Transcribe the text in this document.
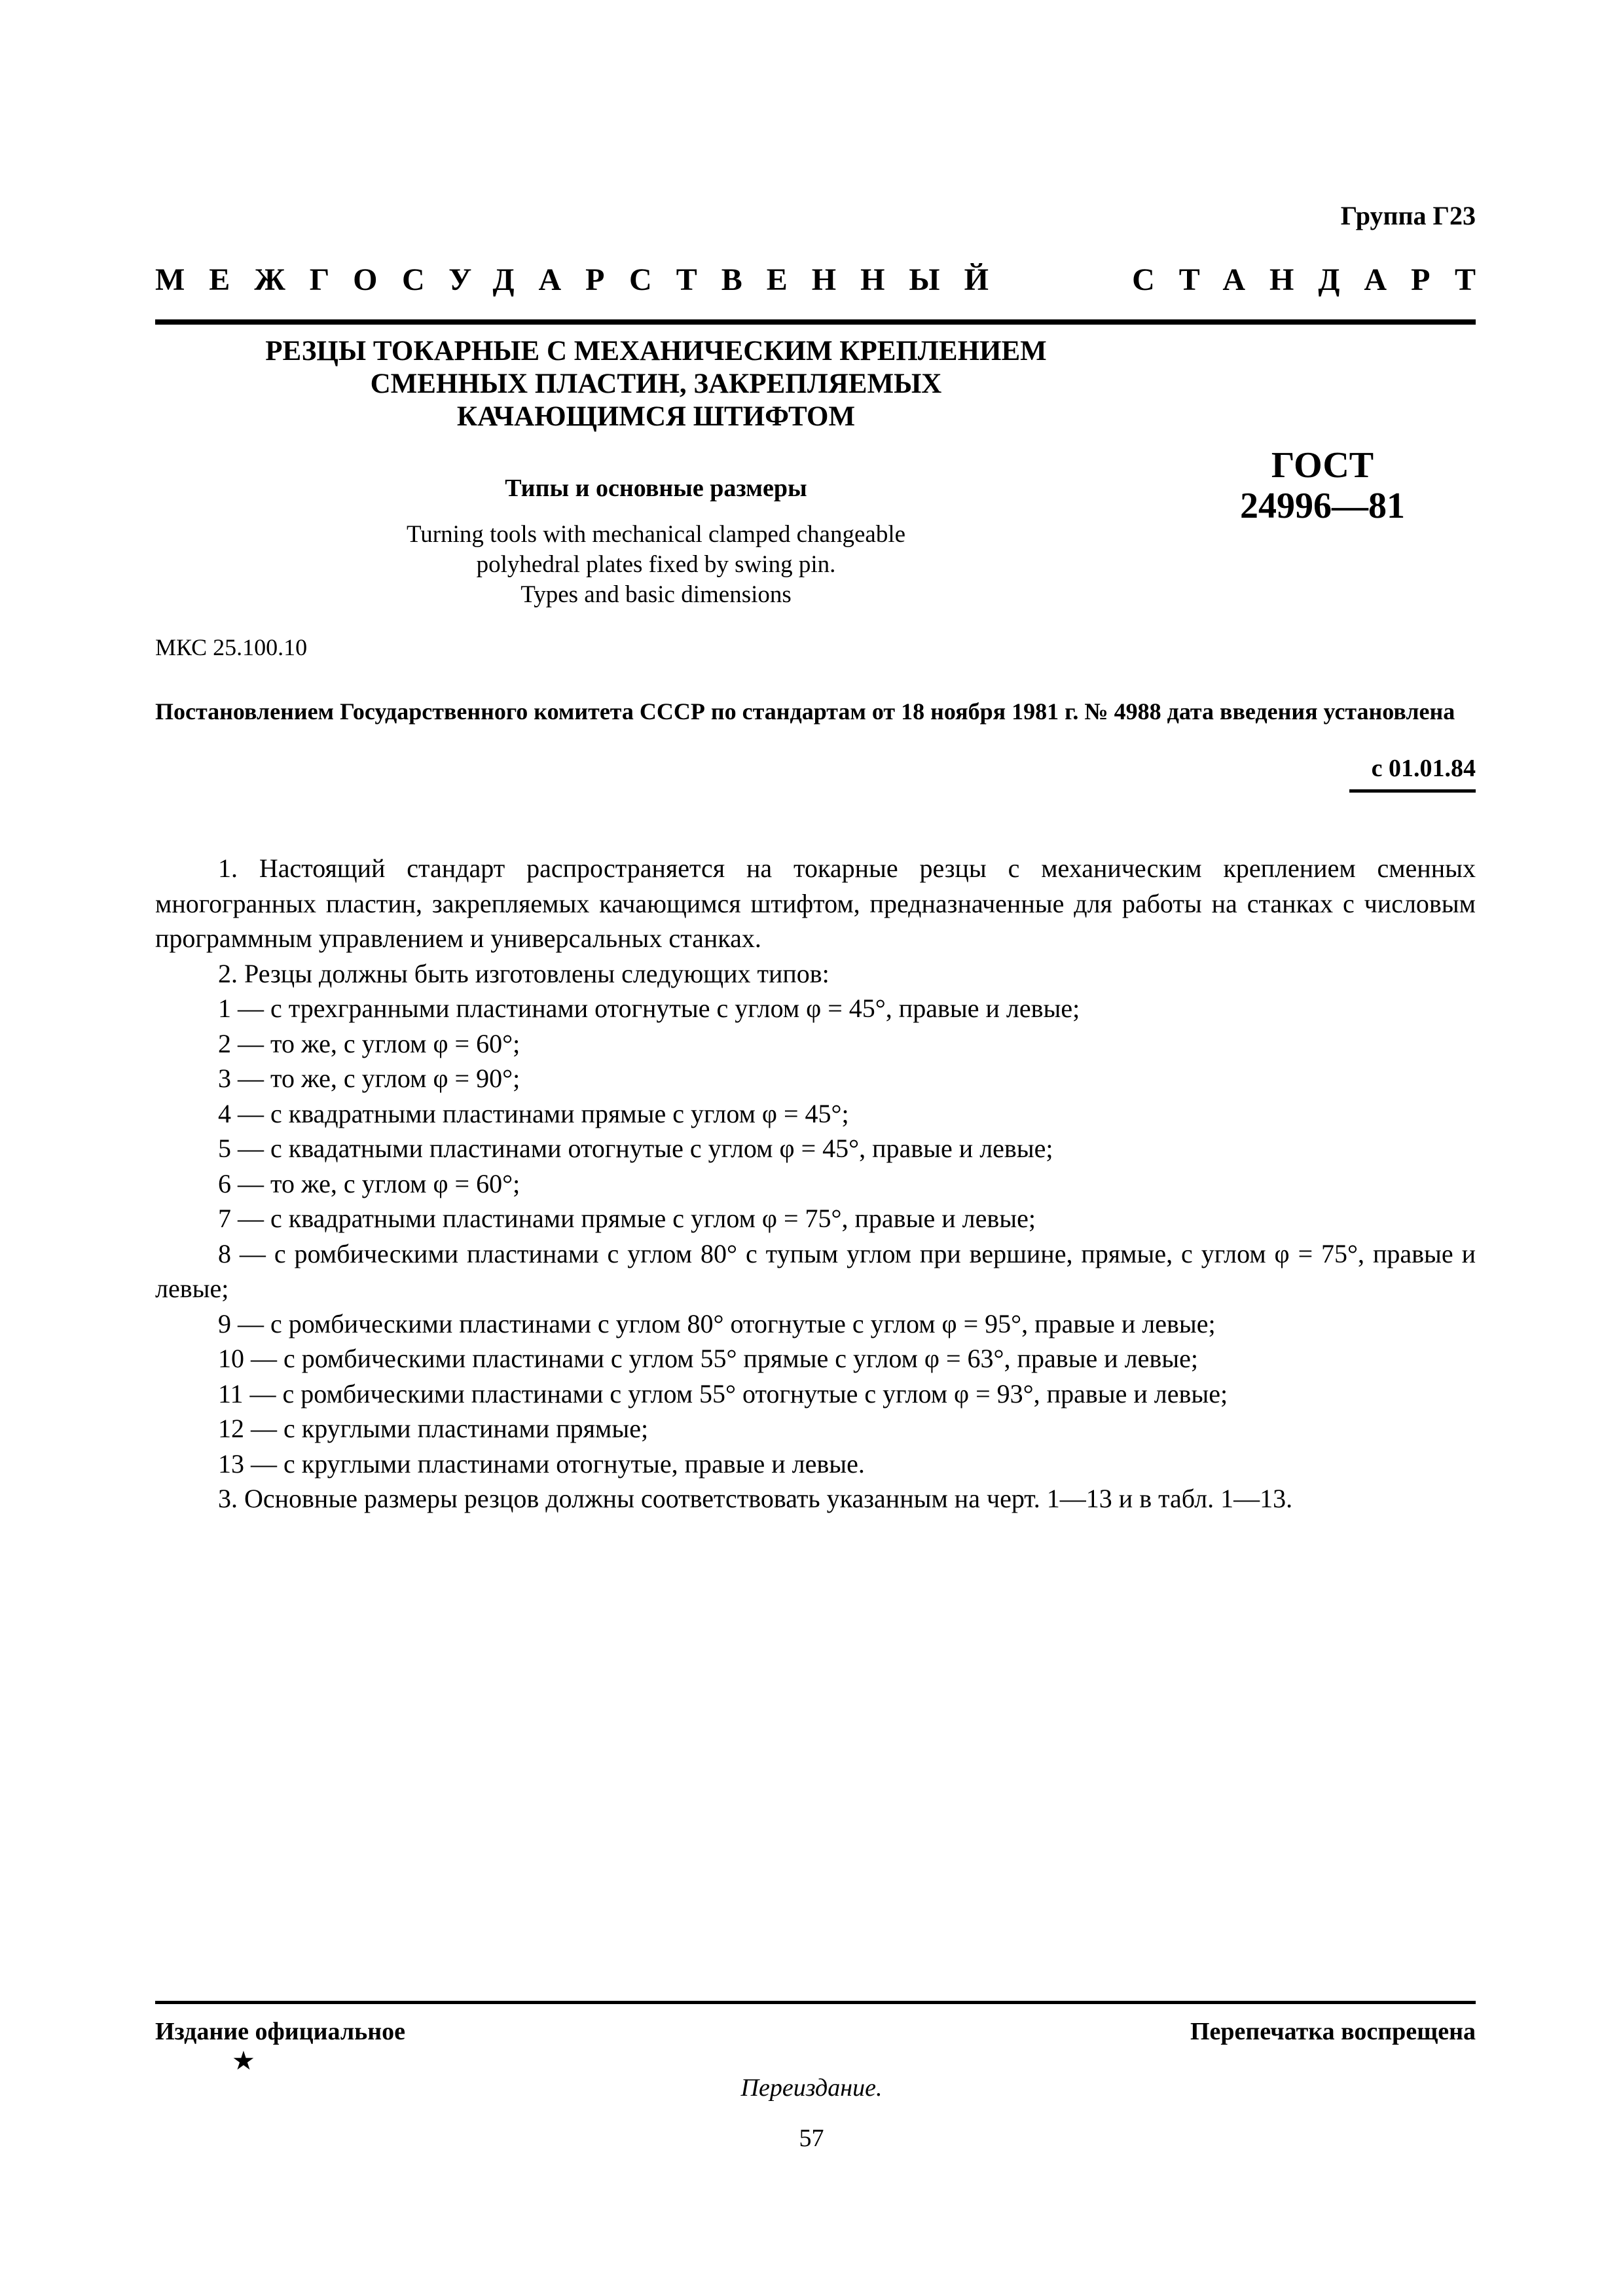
Группа Г23
МЕЖГОСУДАРСТВЕННЫЙ	СТАНДАРТ
РЕЗЦЫ ТОКАРНЫЕ С МЕХАНИЧЕСКИМ КРЕПЛЕНИЕМ
СМЕННЫХ ПЛАСТИН, ЗАКРЕПЛЯЕМЫХ
КАЧАЮЩИМСЯ ШТИФТОМ
Типы и основные размеры
Turning tools with mechanical clamped changeable
polyhedral plates fixed by swing pin.
Types and basic dimensions
ГОСТ
24996—81
МКС 25.100.10
Постановлением Государственного комитета СССР по стандартам от 18 ноября 1981 г. № 4988 дата введения установлена
с 01.01.84

1. Настоящий стандарт распространяется на токарные резцы с механическим креплением сменных многогранных пластин, закрепляемых качающимся штифтом, предназначенные для работы на станках с числовым программным управлением и универсальных станках.

2. Резцы должны быть изготовлены следующих типов:

1 — с трехгранными пластинами отогнутые с углом φ = 45°, правые и левые;

2 — то же, с углом φ = 60°;

3 — то же, с углом φ = 90°;

4 — с квадратными пластинами прямые с углом φ = 45°;

5 — с квадатными пластинами отогнутые с углом φ = 45°, правые и левые;

6 — то же, с углом φ = 60°;

7 — с квадратными пластинами прямые с углом φ = 75°, правые и левые;

8 — с ромбическими пластинами с углом 80° с тупым углом при вершине, прямые, с углом φ = 75°, правые и левые;

9 — с ромбическими пластинами с углом 80° отогнутые с углом φ = 95°, правые и левые;

10 — с ромбическими пластинами с углом 55° прямые с углом φ = 63°, правые и левые;

11 — с ромбическими пластинами с углом 55° отогнутые с углом φ = 93°, правые и левые;

12 — с круглыми пластинами прямые;

13 — с круглыми пластинами отогнутые, правые и левые.

3. Основные размеры резцов должны соответствовать указанным на черт. 1—13 и в табл. 1—13.

Издание официальное	Перепечатка воспрещена
★
Переиздание.
57
